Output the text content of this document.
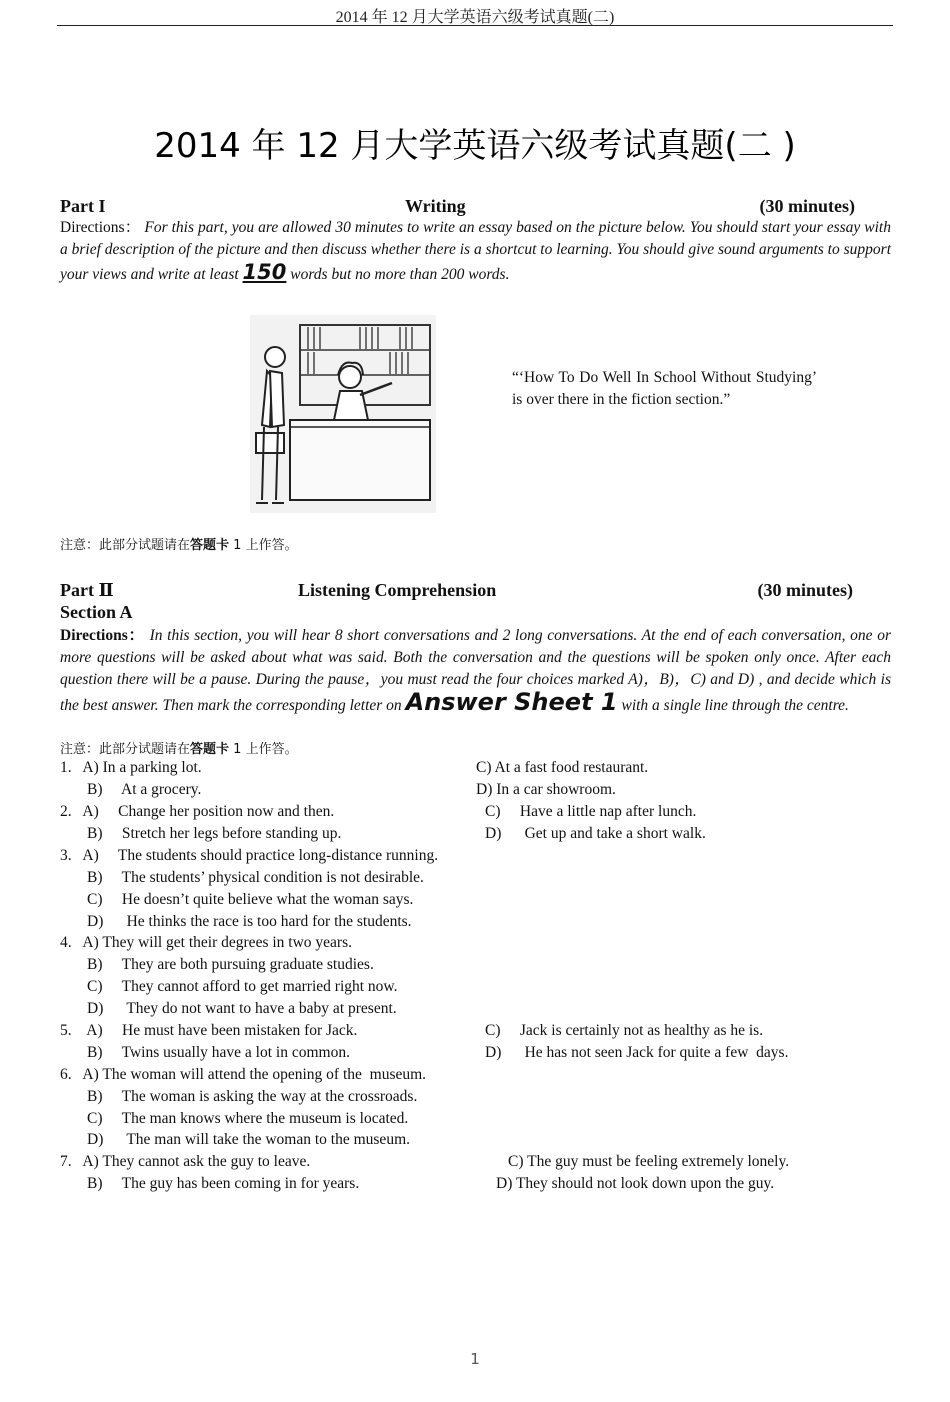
2014 年 12 月大学英语六级考试真题(二)
2014 年 12 月大学英语六级考试真题(二 )
Part I	Writing	(30 minutes)
Directions： For this part, you are allowed 30 minutes to write an essay based on the picture below. You should start your essay with a brief description of the picture and then discuss whether there is a shortcut to learning. You should give sound arguments to support your views and write at least 150 words but no more than 200 words.
“‘How To Do Well In School Without Studying’ is over there in the fiction section.”
注意：此部分试题请在答题卡 1 上作答。
Part Ⅱ	Listening Comprehension	(30 minutes)
Section A
Directions： In this section, you will hear 8 short conversations and 2 long conversations. At the end of each conversation, one or more questions will be asked about what was said. Both the conversation and the questions will be spoken only once. After each question there will be a pause. During the pause，you must read the four choices marked A)，B)，C) and D) , and decide which is the best answer. Then mark the corresponding letter on Answer Sheet 1 with a single line through the centre.
注意：此部分试题请在答题卡 1 上作答。
1.   A) In a parking lot.	C) At a fast food restaurant.
B)     At a grocery.	D) In a car showroom.
2.   A)     Change her position now and then.	C)     Have a little nap after lunch.
B)     Stretch her legs before standing up.	D)      Get up and take a short walk.
3.   A)     The students should practice long-distance running.
B)     The students’ physical condition is not desirable.
C)     He doesn’t quite believe what the woman says.
D)      He thinks the race is too hard for the students.
4.   A) They will get their degrees in two years.
B)     They are both pursuing graduate studies.
C)     They cannot afford to get married right now.
D)      They do not want to have a baby at present.
5.    A)     He must have been mistaken for Jack.	C)     Jack is certainly not as healthy as he is.
B)     Twins usually have a lot in common.	D)      He has not seen Jack for quite a few  days.
6.   A) The woman will attend the opening of the  museum.
B)     The woman is asking the way at the crossroads.
C)     The man knows where the museum is located.
D)      The man will take the woman to the museum.
7.   A) They cannot ask the guy to leave.	C) The guy must be feeling extremely lonely.
B)     The guy has been coming in for years.	D) They should not look down upon the guy.
1
